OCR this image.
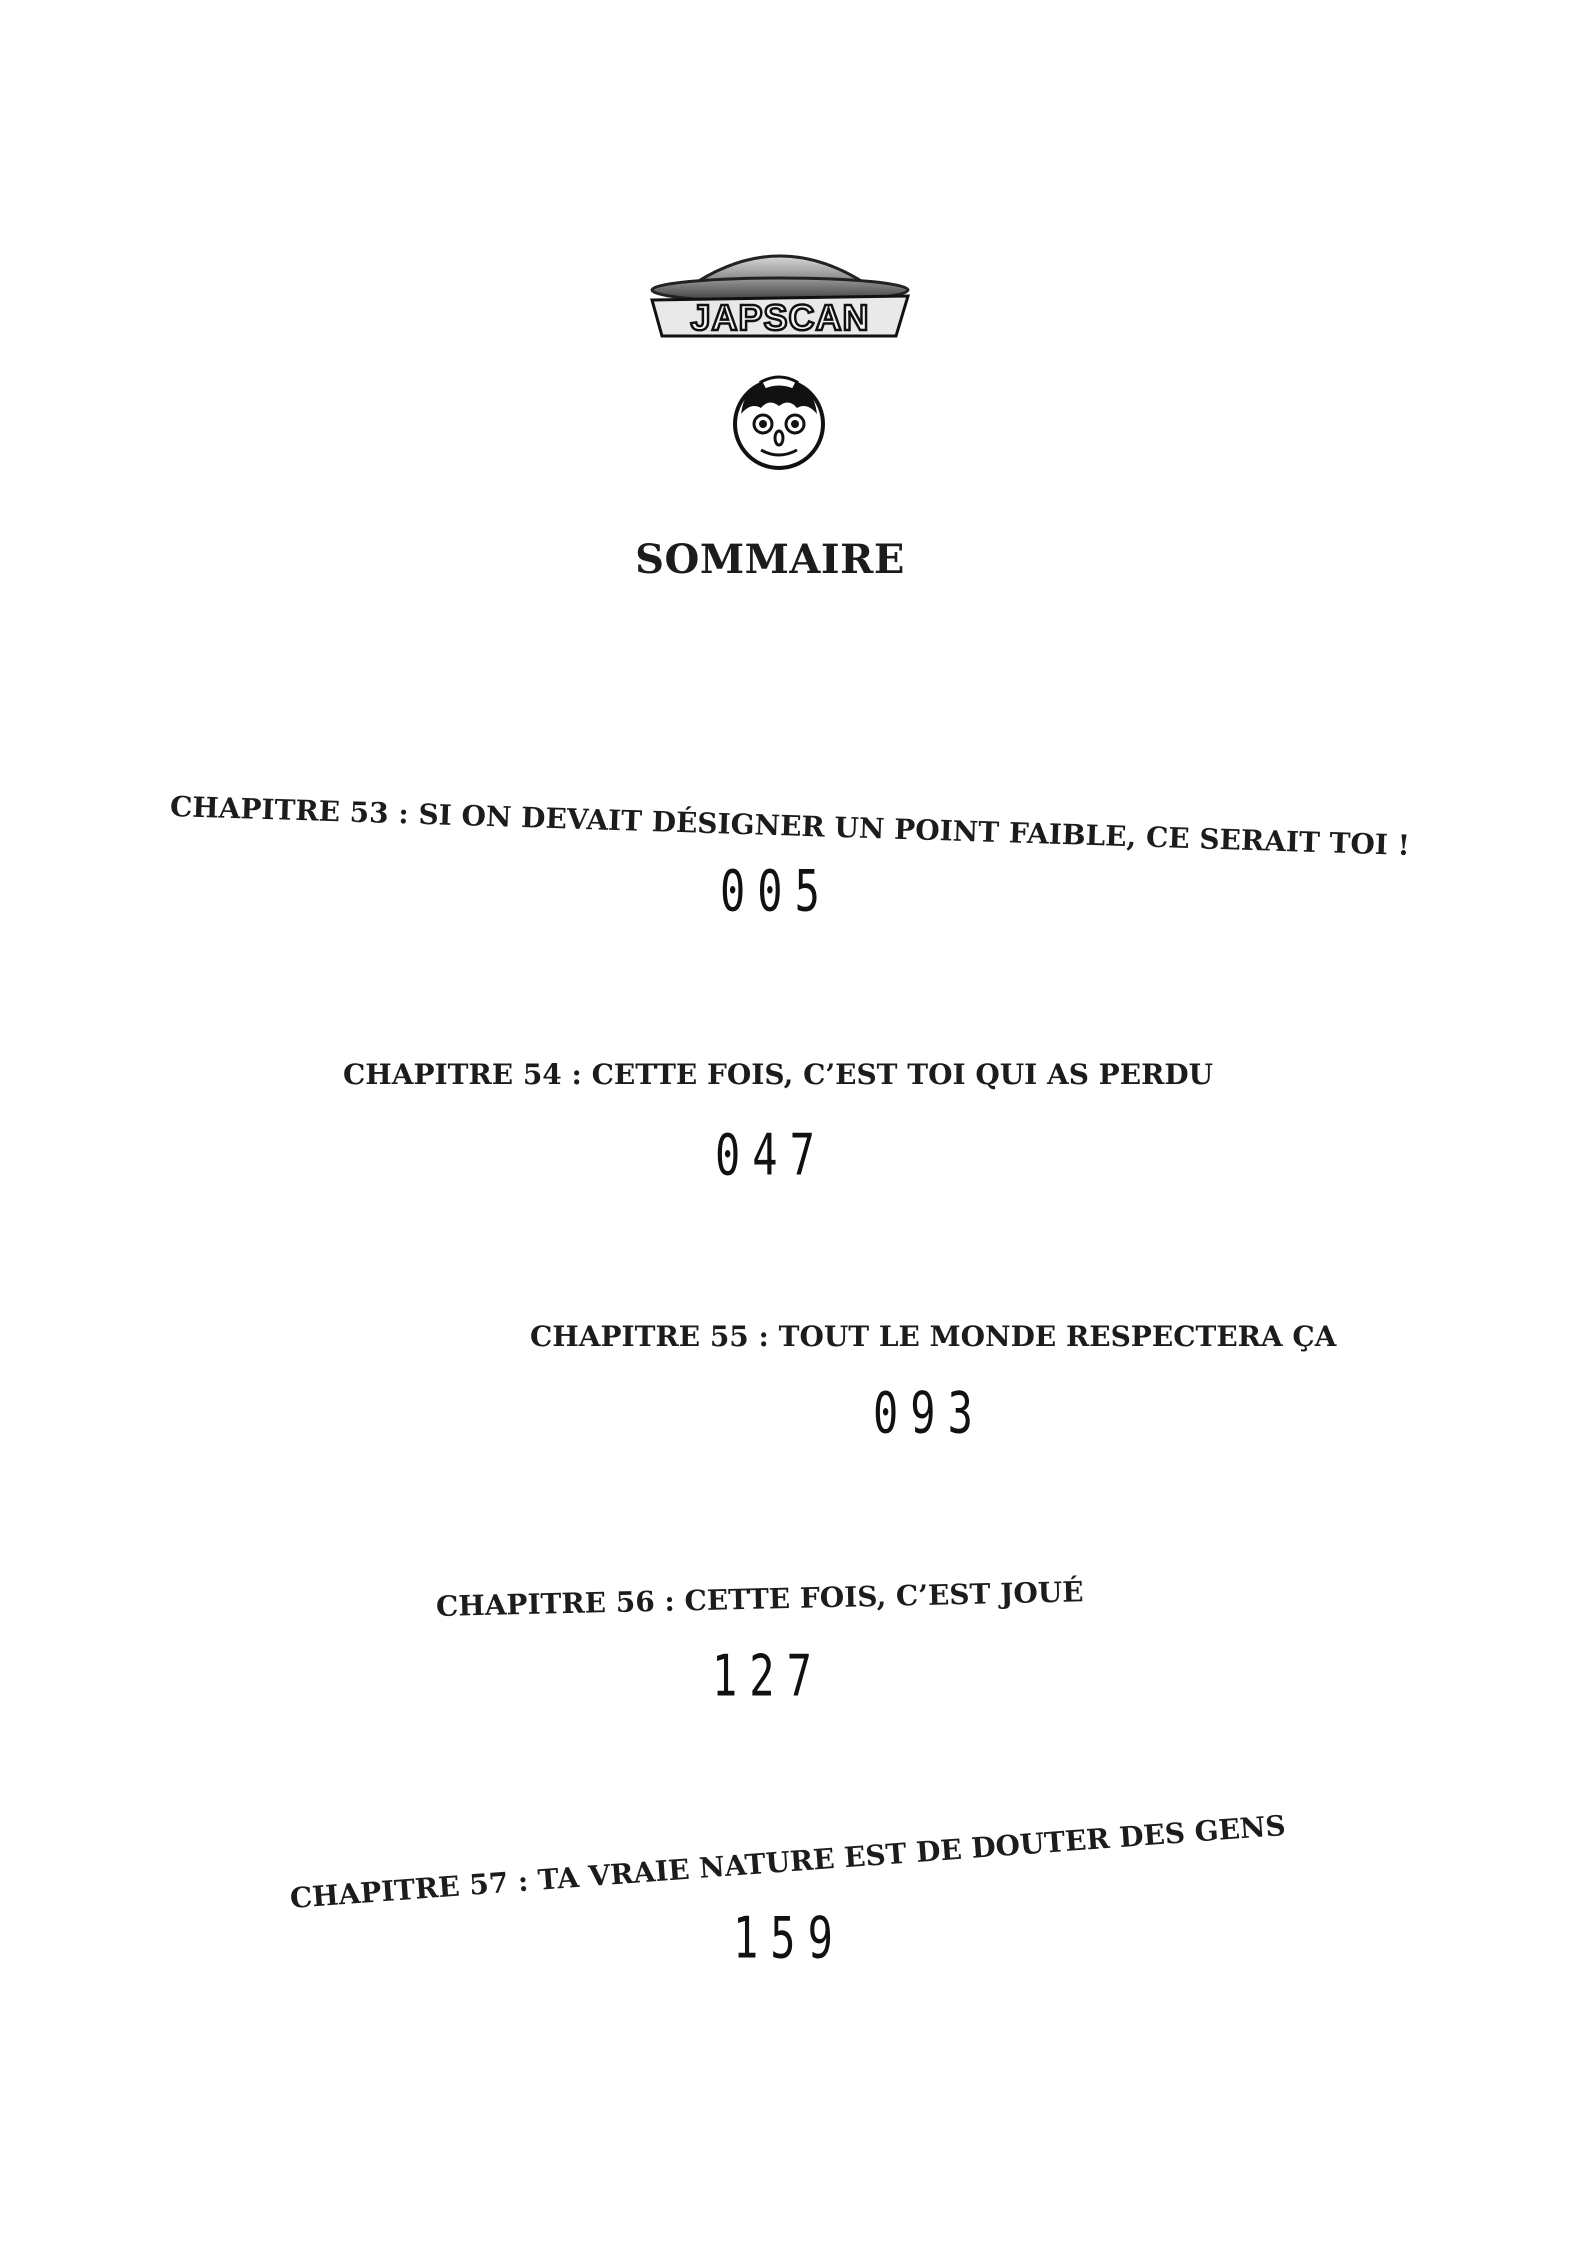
JAPSCAN
SOMMAIRE
CHAPITRE 53 : SI ON DEVAIT DÉSIGNER UN POINT FAIBLE, CE SERAIT TOI !
005
CHAPITRE 54 : CETTE FOIS, C’EST TOI QUI AS PERDU
047
CHAPITRE 55 : TOUT LE MONDE RESPECTERA ÇA
093
CHAPITRE 56 : CETTE FOIS, C’EST JOUÉ
127
CHAPITRE 57 : TA VRAIE NATURE EST DE DOUTER DES GENS
159
